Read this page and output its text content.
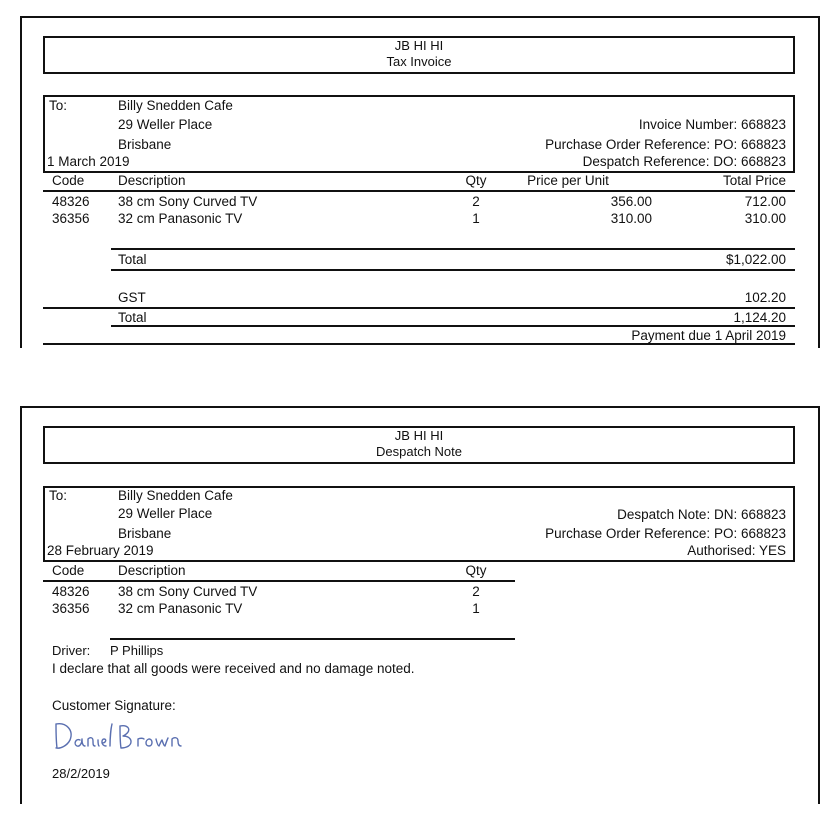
JB HI HI
Tax Invoice
To:	Billy Snedden Cafe
29 Weller Place
Brisbane
1 March 2019
Invoice Number: 668823
Purchase Order Reference: PO: 668823
Despatch Reference: DO: 668823
Code Description	Qty	Price per Unit	Total Price
48326 38 cm Sony Curved TV	2	356.00	712.00
36356 32 cm Panasonic TV	1	310.00	310.00
Total	$1,022.00
GST	102.20
Total	1,124.20
Payment due 1 April 2019
JB HI HI
Despatch Note
To:	Billy Snedden Cafe
29 Weller Place
Brisbane
28 February 2019
Despatch Note: DN: 668823
Purchase Order Reference: PO: 668823
Authorised: YES
Code Description	Qty
48326 38 cm Sony Curved TV	2
36356 32 cm Panasonic TV	1
Driver: P Phillips
I declare that all goods were received and no damage noted.
Customer Signature:
28/2/2019
